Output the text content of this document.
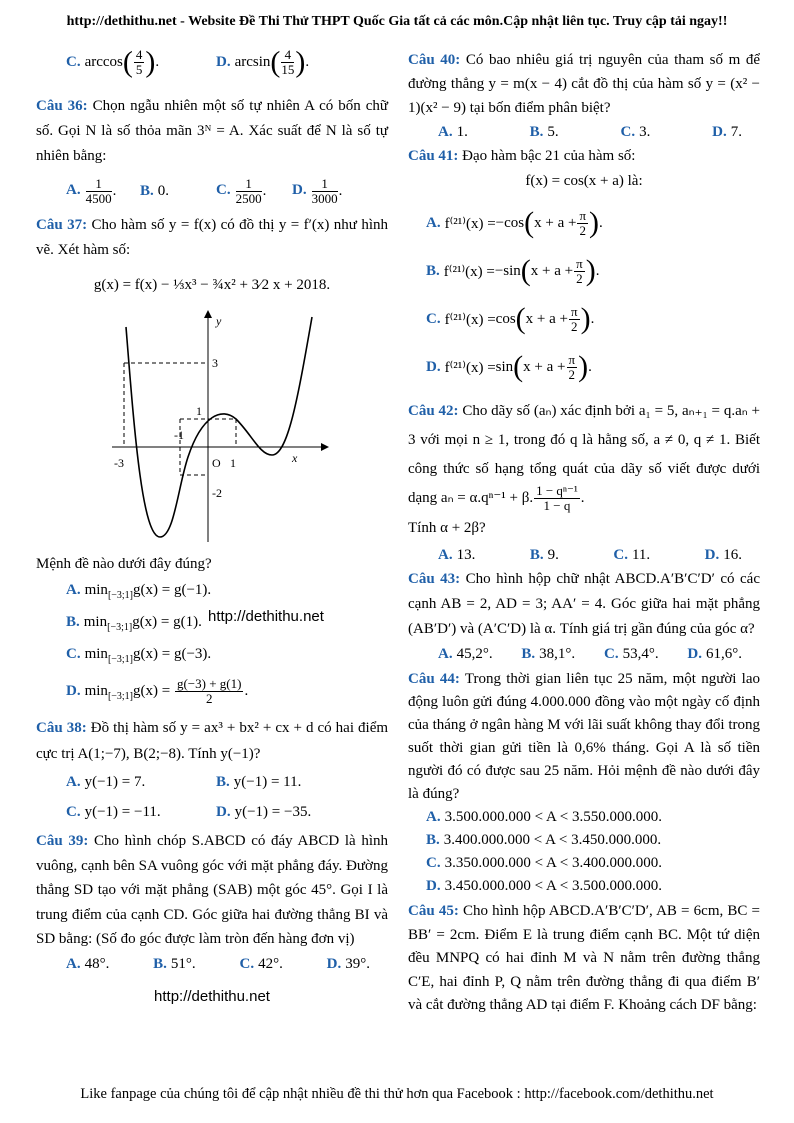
http://dethithu.net - Website Đề Thi Thử THPT Quốc Gia tất cả các môn.Cập nhật liên tục. Truy cập tải ngay!!
C. $\arccos( \frac{4}{5}$ ).	D. $\arcsin( \frac{4}{15}$ ).

Câu 36: Chọn ngẫu nhiên một số tự nhiên A có bốn chữ số. Gọi N là số thỏa mãn 3ᴺ = A. Xác suất để N là số tự nhiên bằng:

A. $\frac{1}{4500}$ .	B. 0.	C. $\frac{1}{2500}$ .	D. $\frac{1}{3000}$ .

Câu 37: Cho hàm số y = f(x) có đồ thị y = f′(x) như hình vẽ. Xét hàm số:

g(x) = f(x) − ⅓x³ − ¾x² + 3⁄2 x + 2018.
y
x
O
3
1
-1
-3	1
-2

Mệnh đề nào dưới đây đúng?

A. $\min_{[-3;1]}g(x) = g(-1)$.
B. $\min_{[-3;1]}g(x) = g(1)$. http://dethithu.net
C. $\min_{[-3;1]}g(x) = g(-3)$.
D. $\min_{[-3;1]}g(x) = \frac{g(-3) + g(1)}{2}$ .

Câu 38: Đồ thị hàm số y = ax³ + bx² + cx + d có hai điểm cực trị A(1;−7), B(2;−8). Tính y(−1)?

A. y(−1) = 7.	B. y(−1) = 11.
C. y(−1) = −11.	D. y(−1) = −35.

Câu 39: Cho hình chóp S.ABCD có đáy ABCD là hình vuông, cạnh bên SA vuông góc với mặt phẳng đáy. Đường thẳng SD tạo với mặt phẳng (SAB) một góc 45°. Gọi I là trung điểm của cạnh CD. Góc giữa hai đường thẳng BI và SD bằng: (Số đo góc được làm tròn đến hàng đơn vị)

A. 48°.	B. 51°.	C. 42°.	D. 39°.
http://dethithu.net

Câu 40: Có bao nhiêu giá trị nguyên của tham số m để đường thẳng y = m(x − 4) cắt đồ thị của hàm số y = (x² − 1)(x² − 9) tại bốn điểm phân biệt?

A. 1.	B. 5.	C. 3.	D. 7.

Câu 41: Đạo hàm bậc 21 của hàm số:

f(x) = cos(x + a) là:
A. f⁽²¹⁾(x) = −cos ( $x + a + \frac{\pi}{2}$ ) .
B. f⁽²¹⁾(x) = −sin ( $x + a + \frac{\pi}{2}$ ) .
C. f⁽²¹⁾(x) = cos ( $x + a + \frac{\pi}{2}$ ) .
D. f⁽²¹⁾(x) = sin ( $x + a + \frac{\pi}{2}$ ) .

Câu 42: Cho dãy số (aₙ) xác định bởi a₁ = 5, aₙ₊₁ = q.aₙ + 3 với mọi n ≥ 1, trong đó q là hằng số, a ≠ 0, q ≠ 1. Biết công thức số hạng tổng quát của dãy số viết được dưới dạng aₙ = α.qⁿ⁻¹ + β. $\frac{\text{1 − qⁿ⁻¹}}{1 - q}$ .

Tính α + 2β?

A. 13.	B. 9.	C. 11.	D. 16.

Câu 43: Cho hình hộp chữ nhật ABCD.A′B′C′D′ có các cạnh AB = 2, AD = 3; AA′ = 4. Góc giữa hai mặt phẳng (AB′D′) và (A′C′D) là α. Tính giá trị gần đúng của góc α?

A. 45,2°. B. 38,1°. C. 53,4°. D. 61,6°.

Câu 44: Trong thời gian liên tục 25 năm, một người lao động luôn gửi đúng 4.000.000 đồng vào một ngày cố định của tháng ở ngân hàng M với lãi suất không thay đổi trong suốt thời gian gửi tiền là 0,6% tháng. Gọi A là số tiền người đó có được sau 25 năm. Hỏi mệnh đề nào dưới đây là đúng?

A. 3.500.000.000 < A < 3.550.000.000.
B. 3.400.000.000 < A < 3.450.000.000.
C. 3.350.000.000 < A < 3.400.000.000.
D. 3.450.000.000 < A < 3.500.000.000.

Câu 45: Cho hình hộp ABCD.A′B′C′D′, AB = 6cm, BC = BB′ = 2cm. Điểm E là trung điểm cạnh BC. Một tứ diện đều MNPQ có hai đỉnh M và N nằm trên đường thẳng C′E, hai đỉnh P, Q nằm trên đường thẳng đi qua điểm B′ và cắt đường thẳng AD tại điểm F. Khoảng cách DF bằng:

Like fanpage của chúng tôi để cập nhật nhiều đề thi thử hơn qua Facebook : http://facebook.com/dethithu.net
